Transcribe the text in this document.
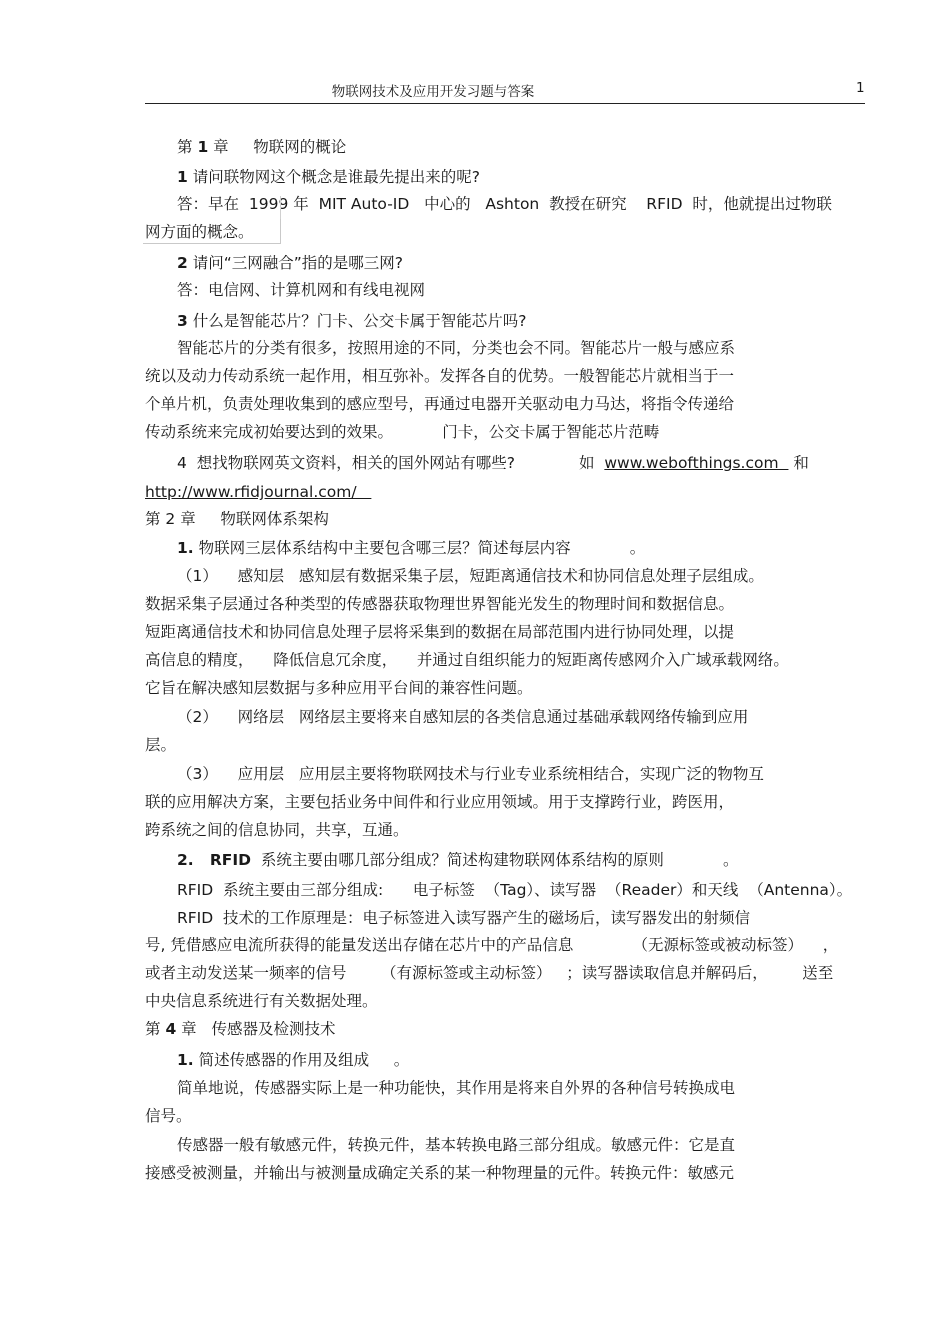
物联网技术及应用开发习题与答案	1
第 1 章     物联网的概论
1 请问联物网这个概念是谁最先提出来的呢?
答：早在  1999 年  MIT Auto-ID   中心的   Ashton  教授在研究    RFID  时，他就提出过物联
网方面的概念。
2 请问“三网融合”指的是哪三网?
答：电信网、计算机网和有线电视网
3 什么是智能芯片？门卡、公交卡属于智能芯片吗?
智能芯片的分类有很多，按照用途的不同，分类也会不同。智能芯片一般与感应系
统以及动力传动系统一起作用，相互弥补。发挥各自的优势。一般智能芯片就相当于一
个单片机，负责处理收集到的感应型号，再通过电器开关驱动电力马达，将指令传递给
传动系统来完成初始要达到的效果。          门卡，公交卡属于智能芯片范畴
4  想找物联网英文资料，相关的国外网站有哪些?             如  www.webofthings.com   和
http://www.rfidjournal.com/
第 2 章     物联网体系架构
1. 物联网三层体系结构中主要包含哪三层？简述每层内容            。
（1）    感知层   感知层有数据采集子层，短距离通信技术和协同信息处理子层组成。
数据采集子层通过各种类型的传感器获取物理世界智能光发生的物理时间和数据信息。
短距离通信技术和协同信息处理子层将采集到的数据在局部范围内进行协同处理，以提
高信息的精度，    降低信息冗余度，    并通过自组织能力的短距离传感网介入广域承载网络。
它旨在解决感知层数据与多种应用平台间的兼容性问题。
（2）    网络层   网络层主要将来自感知层的各类信息通过基础承载网络传输到应用
层。
（3）    应用层   应用层主要将物联网技术与行业专业系统相结合，实现广泛的物物互
联的应用解决方案，主要包括业务中间件和行业应用领域。用于支撑跨行业，跨医用，
跨系统之间的信息协同，共享，互通。
2.   RFID  系统主要由哪几部分组成？简述构建物联网体系结构的原则            。
RFID  系统主要由三部分组成:      电子标签  （Tag）、读写器  （Reader）和天线  （Antenna）。
RFID  技术的工作原理是：电子标签进入读写器产生的磁场后，读写器发出的射频信
号, 凭借感应电流所获得的能量发送出存储在芯片中的产品信息            （无源标签或被动标签）    ，
或者主动发送某一频率的信号       （有源标签或主动标签）   ；读写器读取信息并解码后，       送至
中央信息系统进行有关数据处理。
第 4 章   传感器及检测技术
1. 简述传感器的作用及组成     。
简单地说，传感器实际上是一种功能快，其作用是将来自外界的各种信号转换成电
信号。
传感器一般有敏感元件，转换元件，基本转换电路三部分组成。敏感元件：它是直
接感受被测量，并输出与被测量成确定关系的某一种物理量的元件。转换元件：敏感元
